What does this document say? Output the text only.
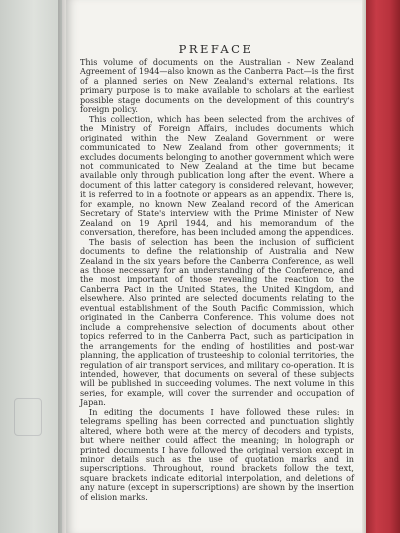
PREFACE

This volume of documents on the Australian - New Zealand Agreement of 1944—also known as the Canberra Pact—is the first of a planned series on New Zealand's external relations. Its primary purpose is to make available to scholars at the earliest possible stage documents on the development of this country's foreign policy.

This collection, which has been selected from the archives of the Ministry of Foreign Affairs, includes documents which originated within the New Zealand Government or were communicated to New Zealand from other governments; it excludes documents belonging to another government which were not communicated to New Zealand at the time but became available only through publication long after the event. Where a document of this latter category is considered relevant, however, it is referred to in a footnote or appears as an appendix. There is, for example, no known New Zealand record of the American Secretary of State's interview with the Prime Minister of New Zealand on 19 April 1944, and his memorandum of the conversation, therefore, has been included among the appendices.

The basis of selection has been the inclusion of sufficient documents to define the relationship of Australia and New Zealand in the six years before the Canberra Conference, as well as those necessary for an understanding of the Conference, and the most important of those revealing the reaction to the Canberra Pact in the United States, the United Kingdom, and elsewhere. Also printed are selected documents relating to the eventual establishment of the South Pacific Commission, which originated in the Canberra Conference. This volume does not include a comprehensive selection of documents about other topics referred to in the Canberra Pact, such as participation in the arrangements for the ending of hostilities and post-war planning, the application of trusteeship to colonial territories, the regulation of air transport services, and military co-operation. It is intended, however, that documents on several of these subjects will be published in succeeding volumes. The next volume in this series, for example, will cover the surrender and occupation of Japan.

In editing the documents I have followed these rules: in telegrams spelling has been corrected and punctuation slightly altered, where both were at the mercy of decoders and typists, but where neither could affect the meaning; in holograph or printed documents I have followed the original version except in minor details such as the use of quotation marks and in superscriptions. Throughout, round brackets follow the text, square brackets indicate editorial interpolation, and deletions of any nature (except in superscriptions) are shown by the insertion of elision marks.
